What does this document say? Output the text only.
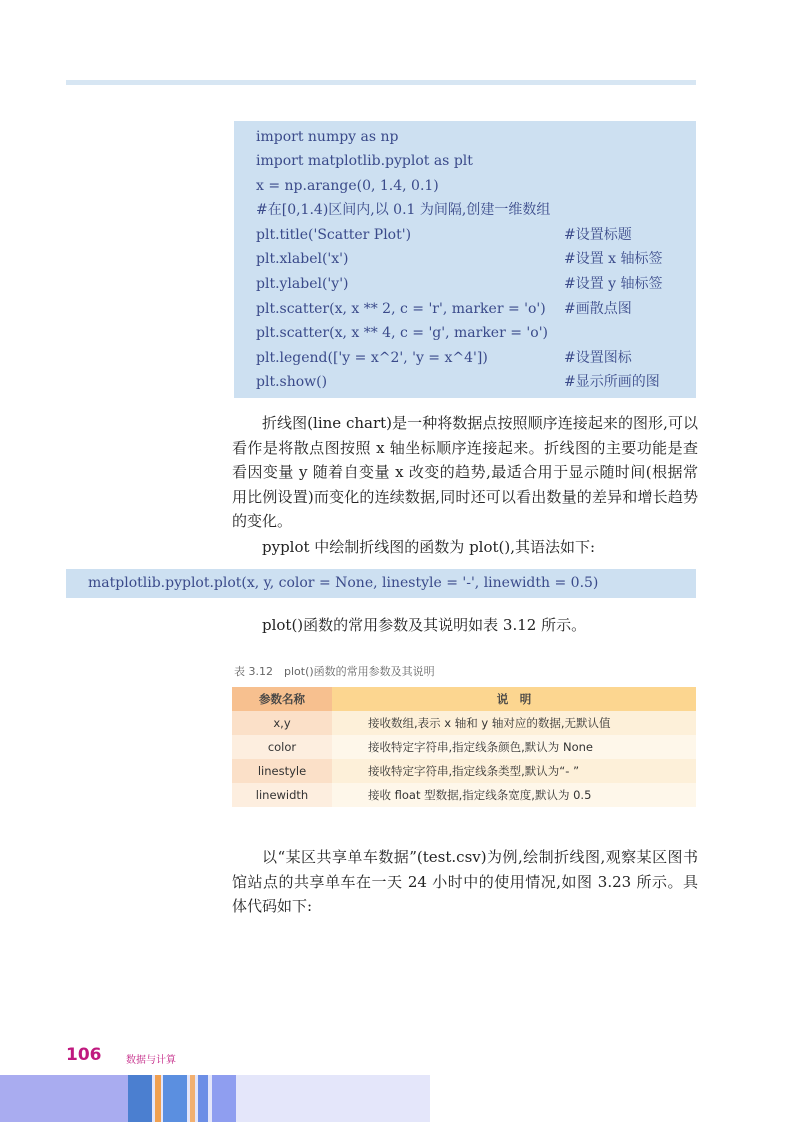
import numpy as np
import matplotlib.pyplot as plt
x = np.arange(0, 1.4, 0.1)
#在[0,1.4)区间内,以 0.1 为间隔,创建一维数组
plt.title('Scatter Plot')	#设置标题
plt.xlabel('x')	#设置 x 轴标签
plt.ylabel('y')	#设置 y 轴标签
plt.scatter(x, x ** 2, c = 'r', marker = 'o') #画散点图
plt.scatter(x, x ** 4, c = 'g', marker = 'o')
plt.legend(['y = x^2', 'y = x^4'])	#设置图标
plt.show()	#显示所画的图
折线图(line chart)是一种将数据点按照顺序连接起来的图形,可以看作是将散点图按照 x 轴坐标顺序连接起来。折线图的主要功能是查看因变量 y 随着自变量 x 改变的趋势,最适合用于显示随时间(根据常用比例设置)而变化的连续数据,同时还可以看出数量的差异和增长趋势的变化。
pyplot 中绘制折线图的函数为 plot(),其语法如下:
matplotlib.pyplot.plot(x, y, color = None, linestyle = '-', linewidth = 0.5)
plot()函数的常用参数及其说明如表 3.12 所示。
表 3.12　plot()函数的常用参数及其说明
参数名称	说　明
x,y	接收数组,表示 x 轴和 y 轴对应的数据,无默认值
color	接收特定字符串,指定线条颜色,默认为 None
linestyle	接收特定字符串,指定线条类型,默认为“- ”
linewidth	接收 float 型数据,指定线条宽度,默认为 0.5
以“某区共享单车数据”(test.csv)为例,绘制折线图,观察某区图书馆站点的共享单车在一天 24 小时中的使用情况,如图 3.23 所示。具体代码如下:
106 数据与计算
